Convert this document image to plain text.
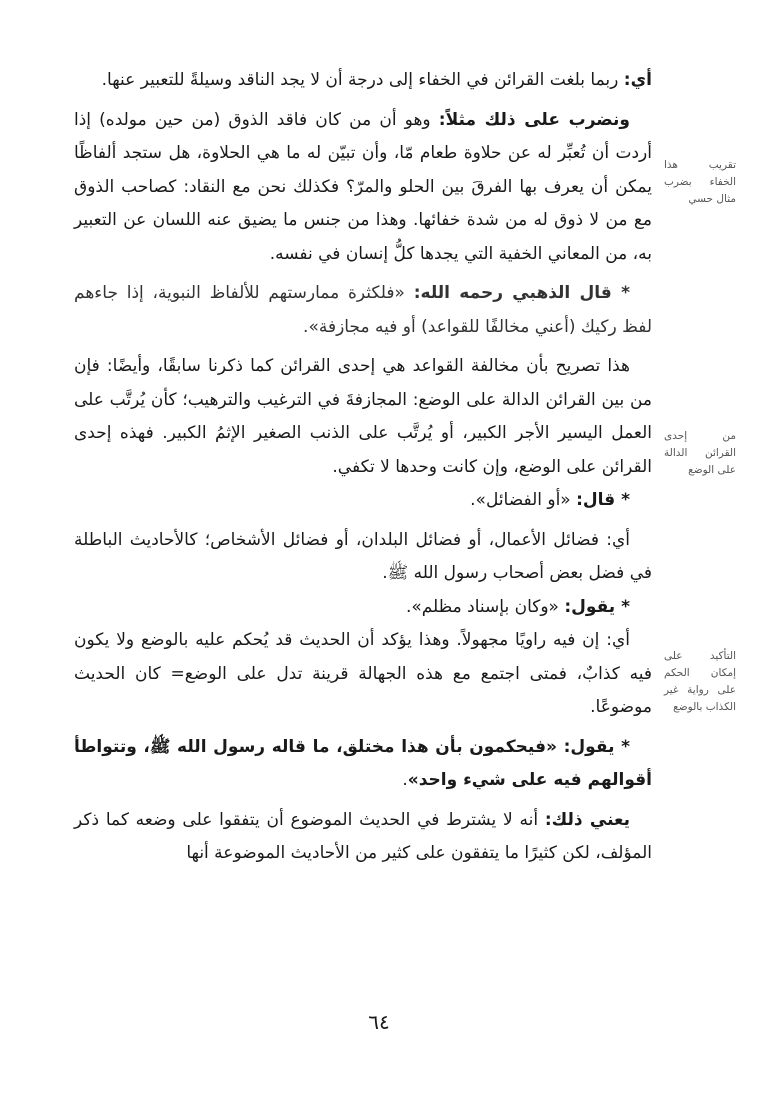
أي: ربما بلغت القرائن في الخفاء إلى درجة أن لا يجد الناقد وسيلةً للتعبير عنها.

ونضرب على ذلك مثلاً: وهو أن من كان فاقد الذوق (من حين مولده) إذا أردت أن تُعبِّر له عن حلاوة طعام مّا، وأن تبيّن له ما هي الحلاوة، هل ستجد ألفاظًا يمكن أن يعرف بها الفرقَ بين الحلو والمرّ؟ فكذلك نحن مع النقاد: كصاحب الذوق مع من لا ذوق له من شدة خفائها. وهذا من جنس ما يضيق عنه اللسان عن التعبير به، من المعاني الخفية التي يجدها كلُّ إنسان في نفسه.

* قال الذهبي رحمه الله: «فلكثرة ممارستهم للألفاظ النبوية، إذا جاءهم لفظ ركيك (أعني مخالفًا للقواعد) أو فيه مجازفة».

هذا تصريح بأن مخالفة القواعد هي إحدى القرائن كما ذكرنا سابقًا، وأيضًا: فإن من بين القرائن الدالة على الوضع: المجازفةَ في الترغيب والترهيب؛ كأن يُرتَّب على العمل اليسير الأجر الكبير، أو يُرتَّب على الذنب الصغير الإثمُ الكبير. فهذه إحدى القرائن على الوضع، وإن كانت وحدها لا تكفي.

* قال: «أو الفضائل».

أي: فضائل الأعمال، أو فضائل البلدان، أو فضائل الأشخاص؛ كالأحاديث الباطلة في فضل بعض أصحاب رسول الله ﷺ.

* يقول: «وكان بإسناد مظلم».

أي: إن فيه راويًا مجهولاً. وهذا يؤكد أن الحديث قد يُحكم عليه بالوضع ولا يكون فيه كذابٌ، فمتى اجتمع مع هذه الجهالة قرينة تدل على الوضع= كان الحديث موضوعًا.

* يقول: «فيحكمون بأن هذا مختلق، ما قاله رسول الله ﷺ، وتتواطأ أقوالهم فيه على شيء واحد».

يعني ذلك: أنه لا يشترط في الحديث الموضوع أن يتفقوا على وضعه كما ذكر المؤلف، لكن كثيرًا ما يتفقون على كثير من الأحاديث الموضوعة أنها

تقريب هذا الخفاء بضرب مثال حسي
من إحدى القرائن الدالة على الوضع
التأكيد على إمكان الحكم على رواية غير الكذاب بالوضع
٦٤
